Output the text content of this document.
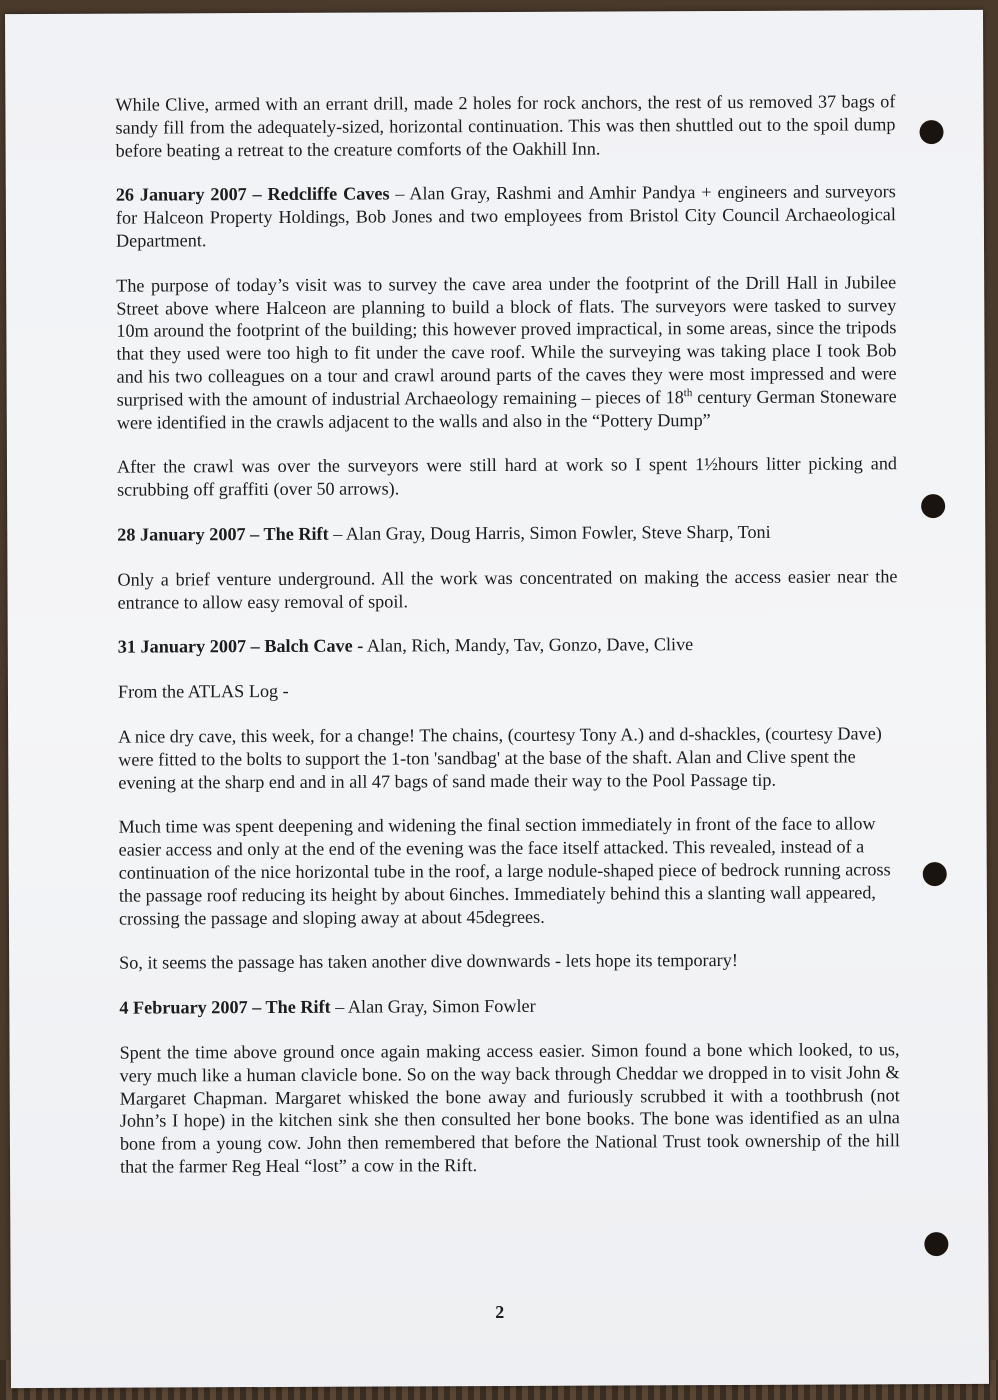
While Clive, armed with an errant drill, made 2 holes for rock anchors, the rest of us removed 37 bags of sandy fill from the adequately-sized, horizontal continuation. This was then shuttled out to the spoil dump before beating a retreat to the creature comforts of the Oakhill Inn.

26 January 2007 – Redcliffe Caves – Alan Gray, Rashmi and Amhir Pandya + engineers and surveyors for Halceon Property Holdings, Bob Jones and two employees from Bristol City Council Archaeological Department.

The purpose of today’s visit was to survey the cave area under the footprint of the Drill Hall in Jubilee Street above where Halceon are planning to build a block of flats. The surveyors were tasked to survey 10m around the footprint of the building; this however proved impractical, in some areas, since the tripods that they used were too high to fit under the cave roof. While the surveying was taking place I took Bob and his two colleagues on a tour and crawl around parts of the caves they were most impressed and were surprised with the amount of industrial Archaeology remaining – pieces of 18th century German Stoneware were identified in the crawls adjacent to the walls and also in the “Pottery Dump”

After the crawl was over the surveyors were still hard at work so I spent 1½hours litter picking and scrubbing off graffiti (over 50 arrows).

28 January 2007 – The Rift – Alan Gray, Doug Harris, Simon Fowler, Steve Sharp, Toni

Only a brief venture underground. All the work was concentrated on making the access easier near the entrance to allow easy removal of spoil.

31 January 2007 – Balch Cave - Alan, Rich, Mandy, Tav, Gonzo, Dave, Clive

From the ATLAS Log -

A nice dry cave, this week, for a change! The chains, (courtesy Tony A.) and d-shackles, (courtesy Dave) were fitted to the bolts to support the 1-ton 'sandbag' at the base of the shaft. Alan and Clive spent the evening at the sharp end and in all 47 bags of sand made their way to the Pool Passage tip.

Much time was spent deepening and widening the final section immediately in front of the face to allow easier access and only at the end of the evening was the face itself attacked. This revealed, instead of a continuation of the nice horizontal tube in the roof, a large nodule-shaped piece of bedrock running across the passage roof reducing its height by about 6inches. Immediately behind this a slanting wall appeared, crossing the passage and sloping away at about 45degrees.

So, it seems the passage has taken another dive downwards - lets hope its temporary!

4 February 2007 – The Rift – Alan Gray, Simon Fowler

Spent the time above ground once again making access easier. Simon found a bone which looked, to us, very much like a human clavicle bone. So on the way back through Cheddar we dropped in to visit John & Margaret Chapman. Margaret whisked the bone away and furiously scrubbed it with a toothbrush (not John’s I hope) in the kitchen sink she then consulted her bone books. The bone was identified as an ulna bone from a young cow. John then remembered that before the National Trust took ownership of the hill that the farmer Reg Heal “lost” a cow in the Rift.

2
